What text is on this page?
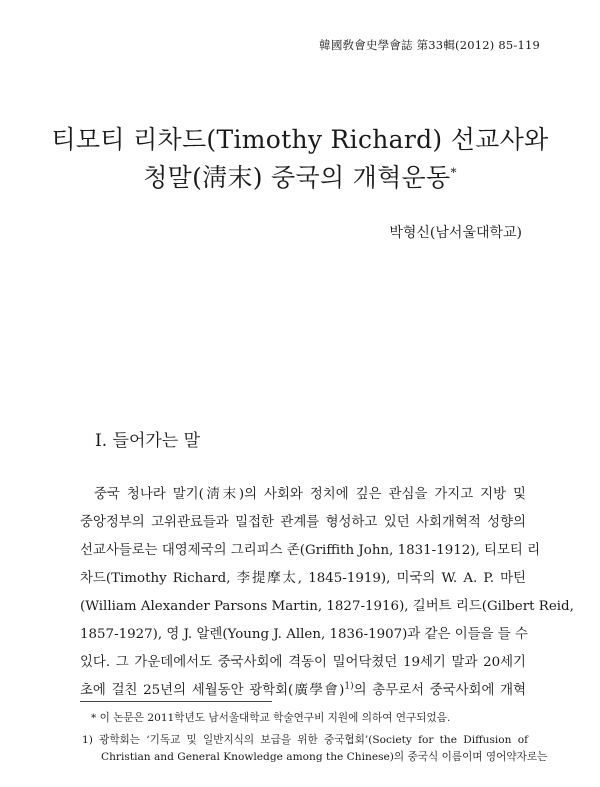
韓國敎會史學會誌 第33輯(2012) 85-119
티모티 리차드(Timothy Richard) 선교사와
청말(淸末) 중국의 개혁운동*
박형신(남서울대학교)
Ⅰ. 들어가는 말
중국 청나라 말기(淸末)의 사회와 정치에 깊은 관심을 가지고 지방 및
중앙정부의 고위관료들과 밀접한 관계를 형성하고 있던 사회개혁적 성향의
선교사들로는 대영제국의 그리피스 존(Griffith John, 1831-1912), 티모티 리
차드(Timothy Richard, 李提摩太, 1845-1919), 미국의 W. A. P. 마틴
(William Alexander Parsons Martin, 1827-1916), 길버트 리드(Gilbert Reid,
1857-1927), 영 J. 알렌(Young J. Allen, 1836-1907)과 같은 이들을 들 수
있다. 그 가운데에서도 중국사회에 격동이 밀어닥쳤던 19세기 말과 20세기
초에 걸친 25년의 세월동안 광학회(廣學會)$^{1)}$의 총무로서 중국사회에 개혁
* 이 논문은 2011학년도 남서울대학교 학술연구비 지원에 의하여 연구되었음.
1) 광학회는 ‘기독교 및 일반지식의 보급을 위한 중국협회’(Society for the Diffusion of
Christian and General Knowledge among the Chinese)의 중국식 이름이며 영어약자로는
